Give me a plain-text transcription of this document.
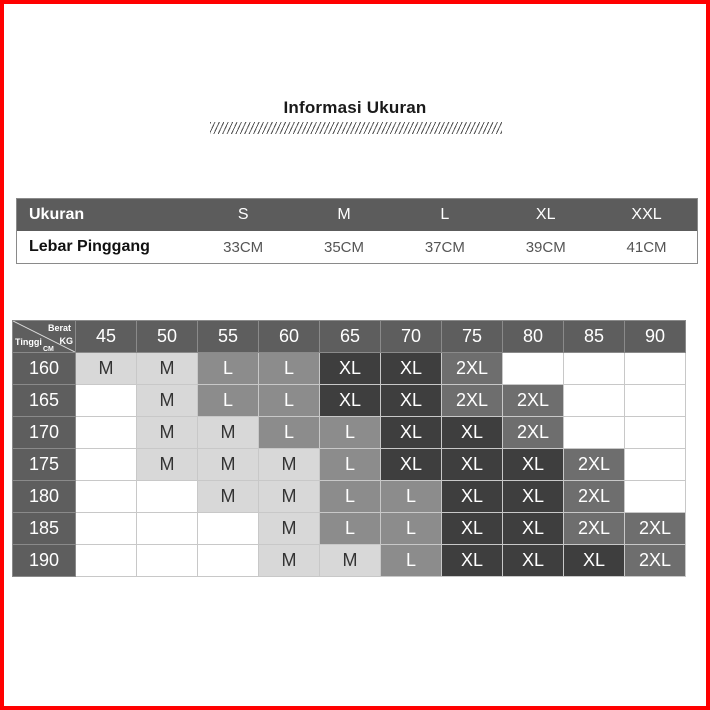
Informasi Ukuran
Ukuran	S	M	L	XL	XXL
Lebar Pinggang	33CM	35CM	37CM	39CM	41CM
Berat
KG
Tinggi
CM	45	50	55	60	65	70	75	80	85	90
160	M	M	L	L	XL	XL	2XL			
165		M	L	L	XL	XL	2XL	2XL		
170		M	M	L	L	XL	XL	2XL		
175		M	M	M	L	XL	XL	XL	2XL	
180			M	M	L	L	XL	XL	2XL	
185				M	L	L	XL	XL	2XL	2XL
190				M	M	L	XL	XL	XL	2XL
